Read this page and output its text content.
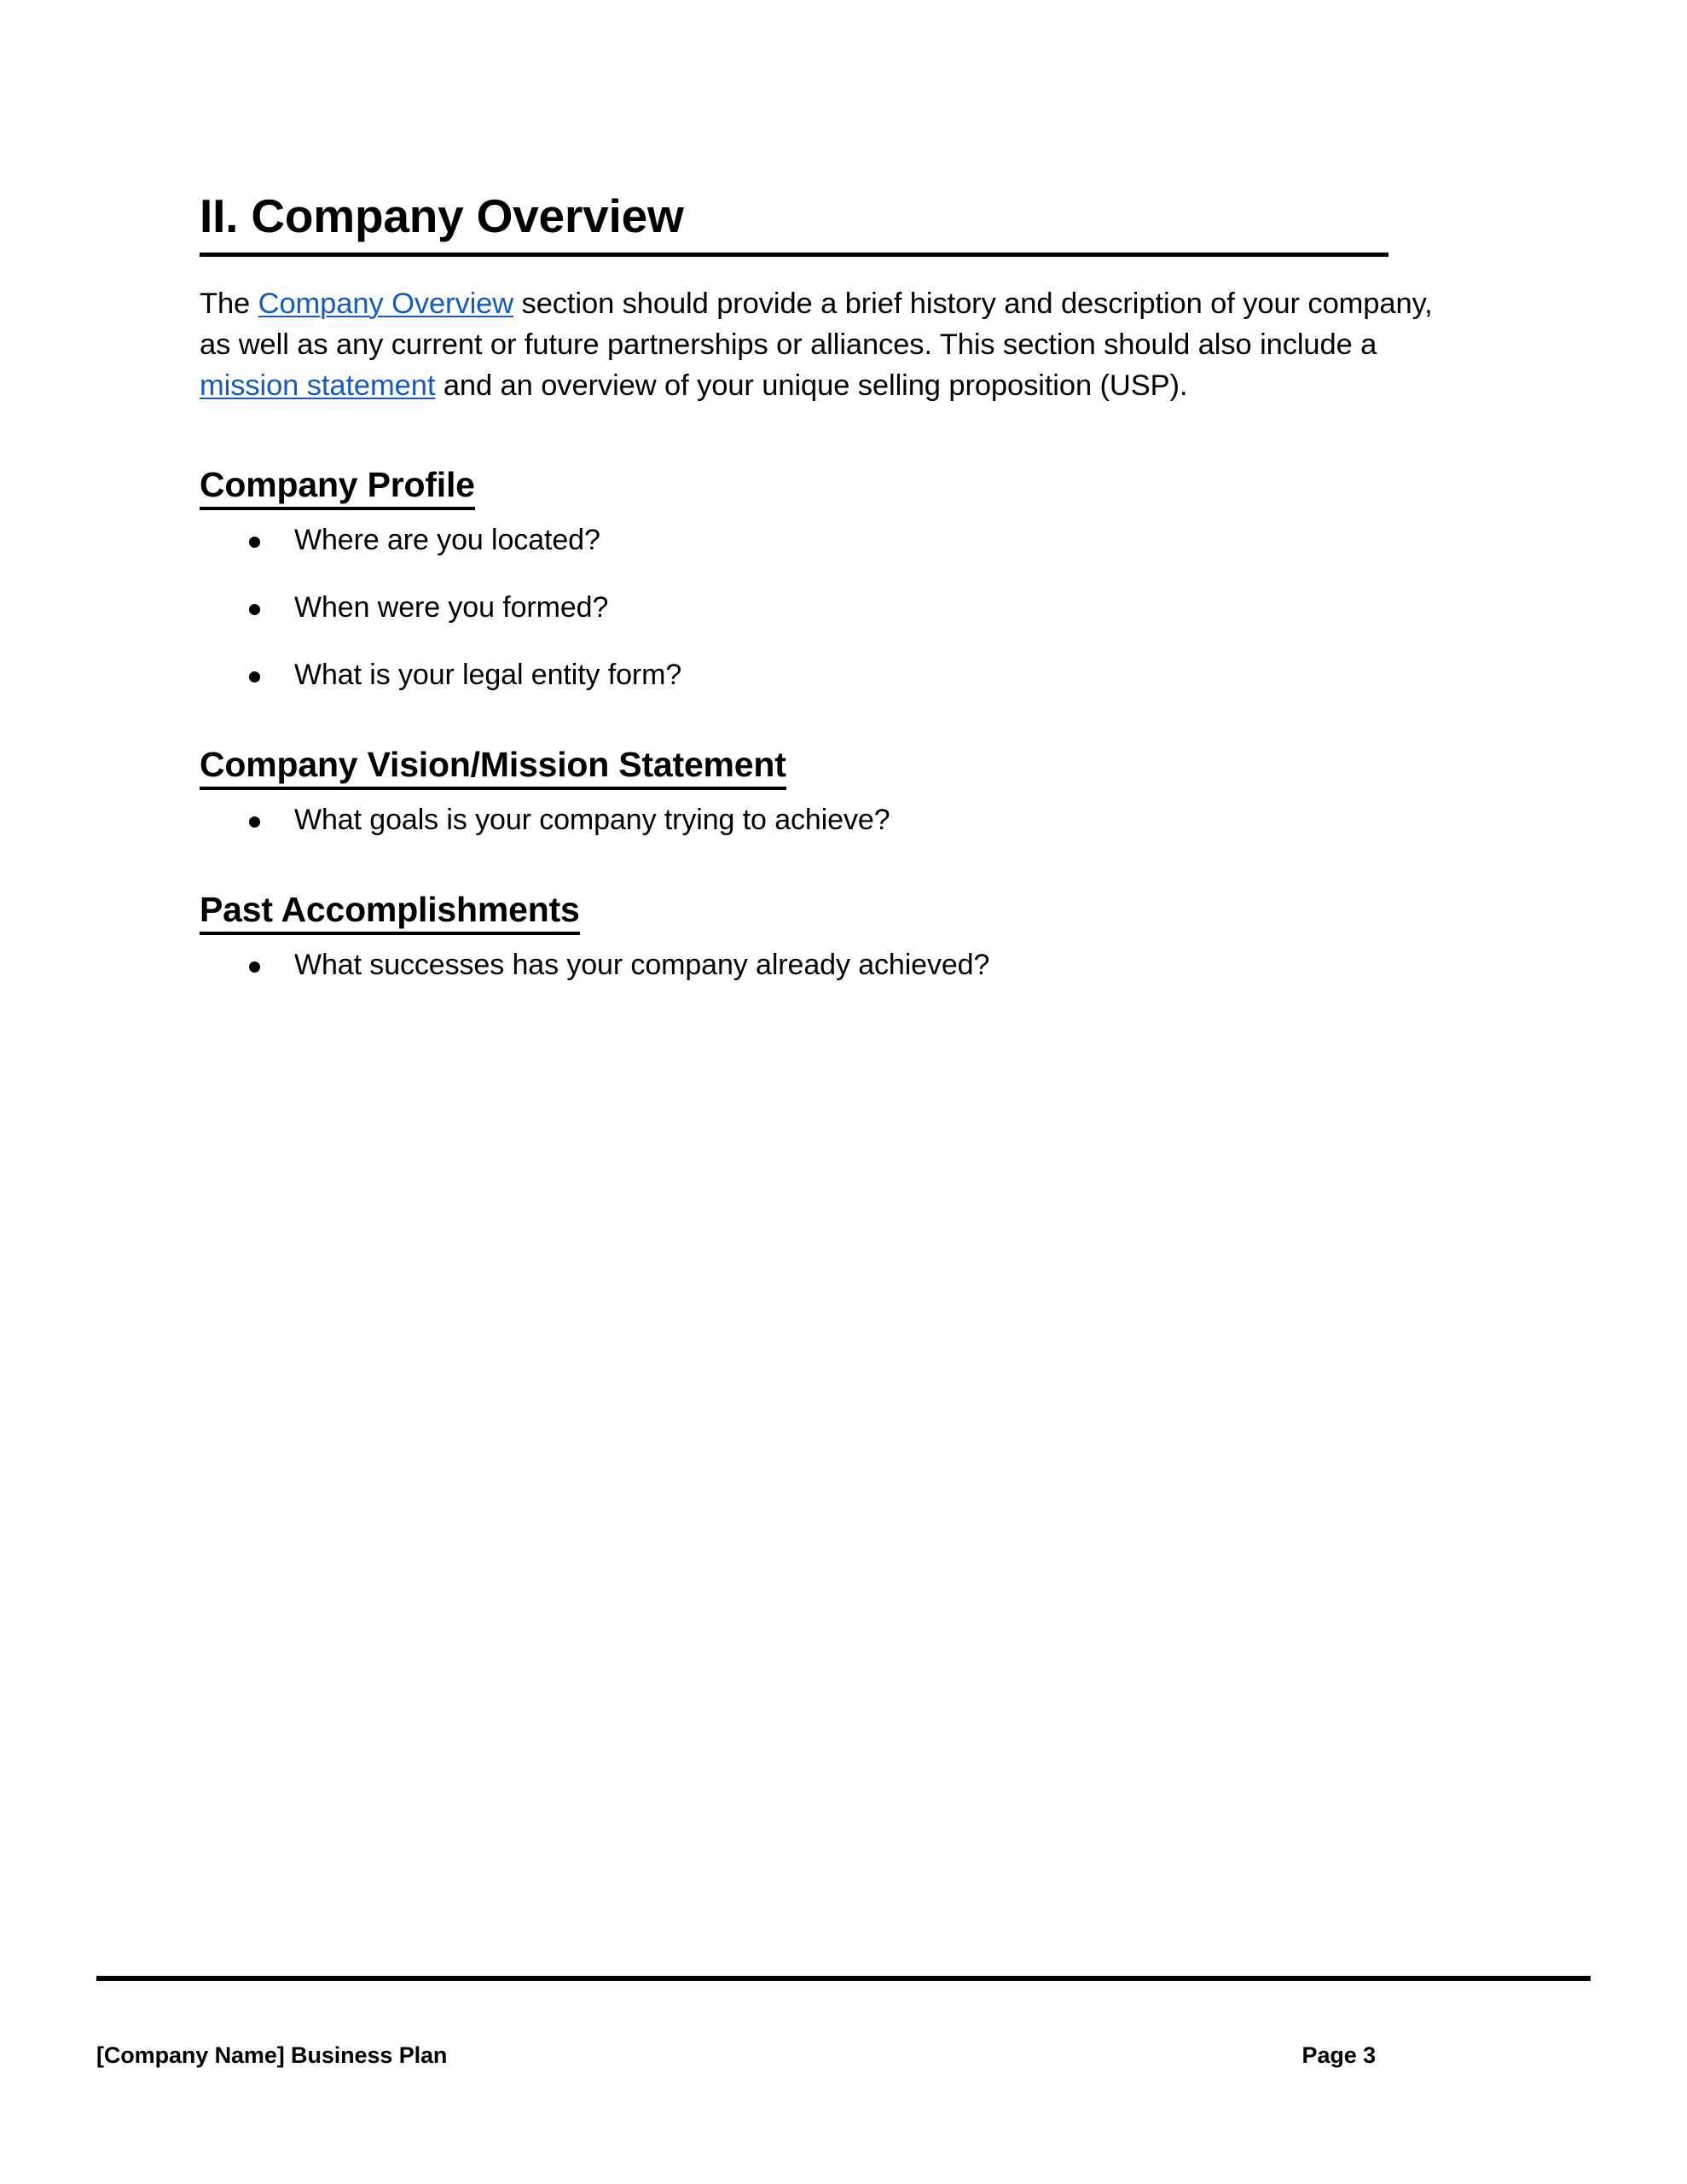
II. Company Overview

The Company Overview section should provide a brief history and description of your company, as well as any current or future partnerships or alliances. This section should also include a mission statement and an overview of your unique selling proposition (USP).

Company Profile
Where are you located?
When were you formed?
What is your legal entity form?
Company Vision/Mission Statement
What goals is your company trying to achieve?
Past Accomplishments
What successes has your company already achieved?
[Company Name] Business Plan	Page 3
